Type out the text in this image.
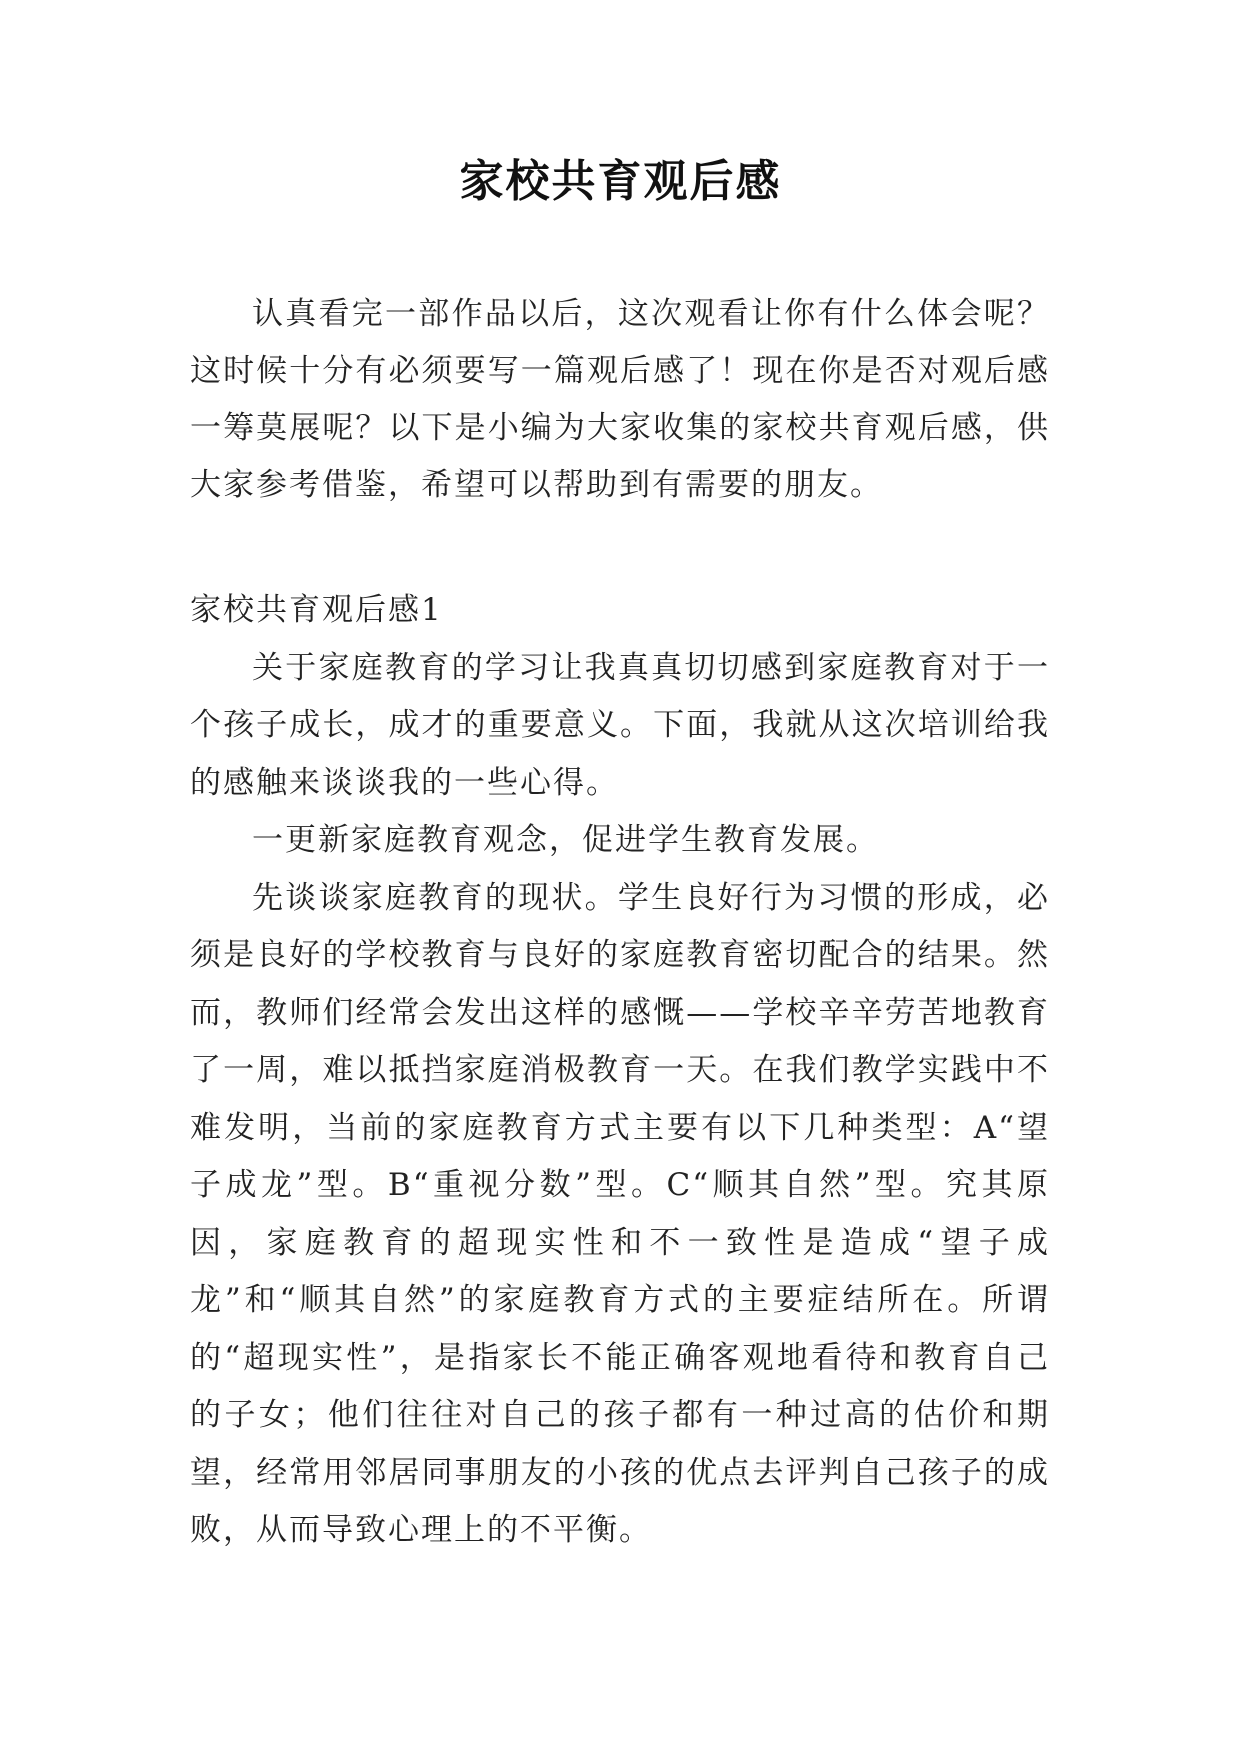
家校共育观后感

认真看完一部作品以后，这次观看让你有什么体会呢？这时候十分有必须要写一篇观后感了！现在你是否对观后感一筹莫展呢？以下是小编为大家收集的家校共育观后感，供大家参考借鉴，希望可以帮助到有需要的朋友。

家校共育观后感1

关于家庭教育的学习让我真真切切感到家庭教育对于一个孩子成长，成才的重要意义。下面，我就从这次培训给我的感触来谈谈我的一些心得。

一更新家庭教育观念，促进学生教育发展。

先谈谈家庭教育的现状。学生良好行为习惯的形成，必须是良好的学校教育与良好的家庭教育密切配合的结果。然而，教师们经常会发出这样的感慨——学校辛辛劳苦地教育了一周，难以抵挡家庭消极教育一天。在我们教学实践中不难发明，当前的家庭教育方式主要有以下几种类型：A“望子成龙”型。B“重视分数”型。C“顺其自然”型。究其原因，家庭教育的超现实性和不一致性是造成“望子成龙”和“顺其自然”的家庭教育方式的主要症结所在。所谓的“超现实性”，是指家长不能正确客观地看待和教育自己的子女；他们往往对自己的孩子都有一种过高的估价和期望，经常用邻居同事朋友的小孩的优点去评判自己孩子的成败，从而导致心理上的不平衡。
